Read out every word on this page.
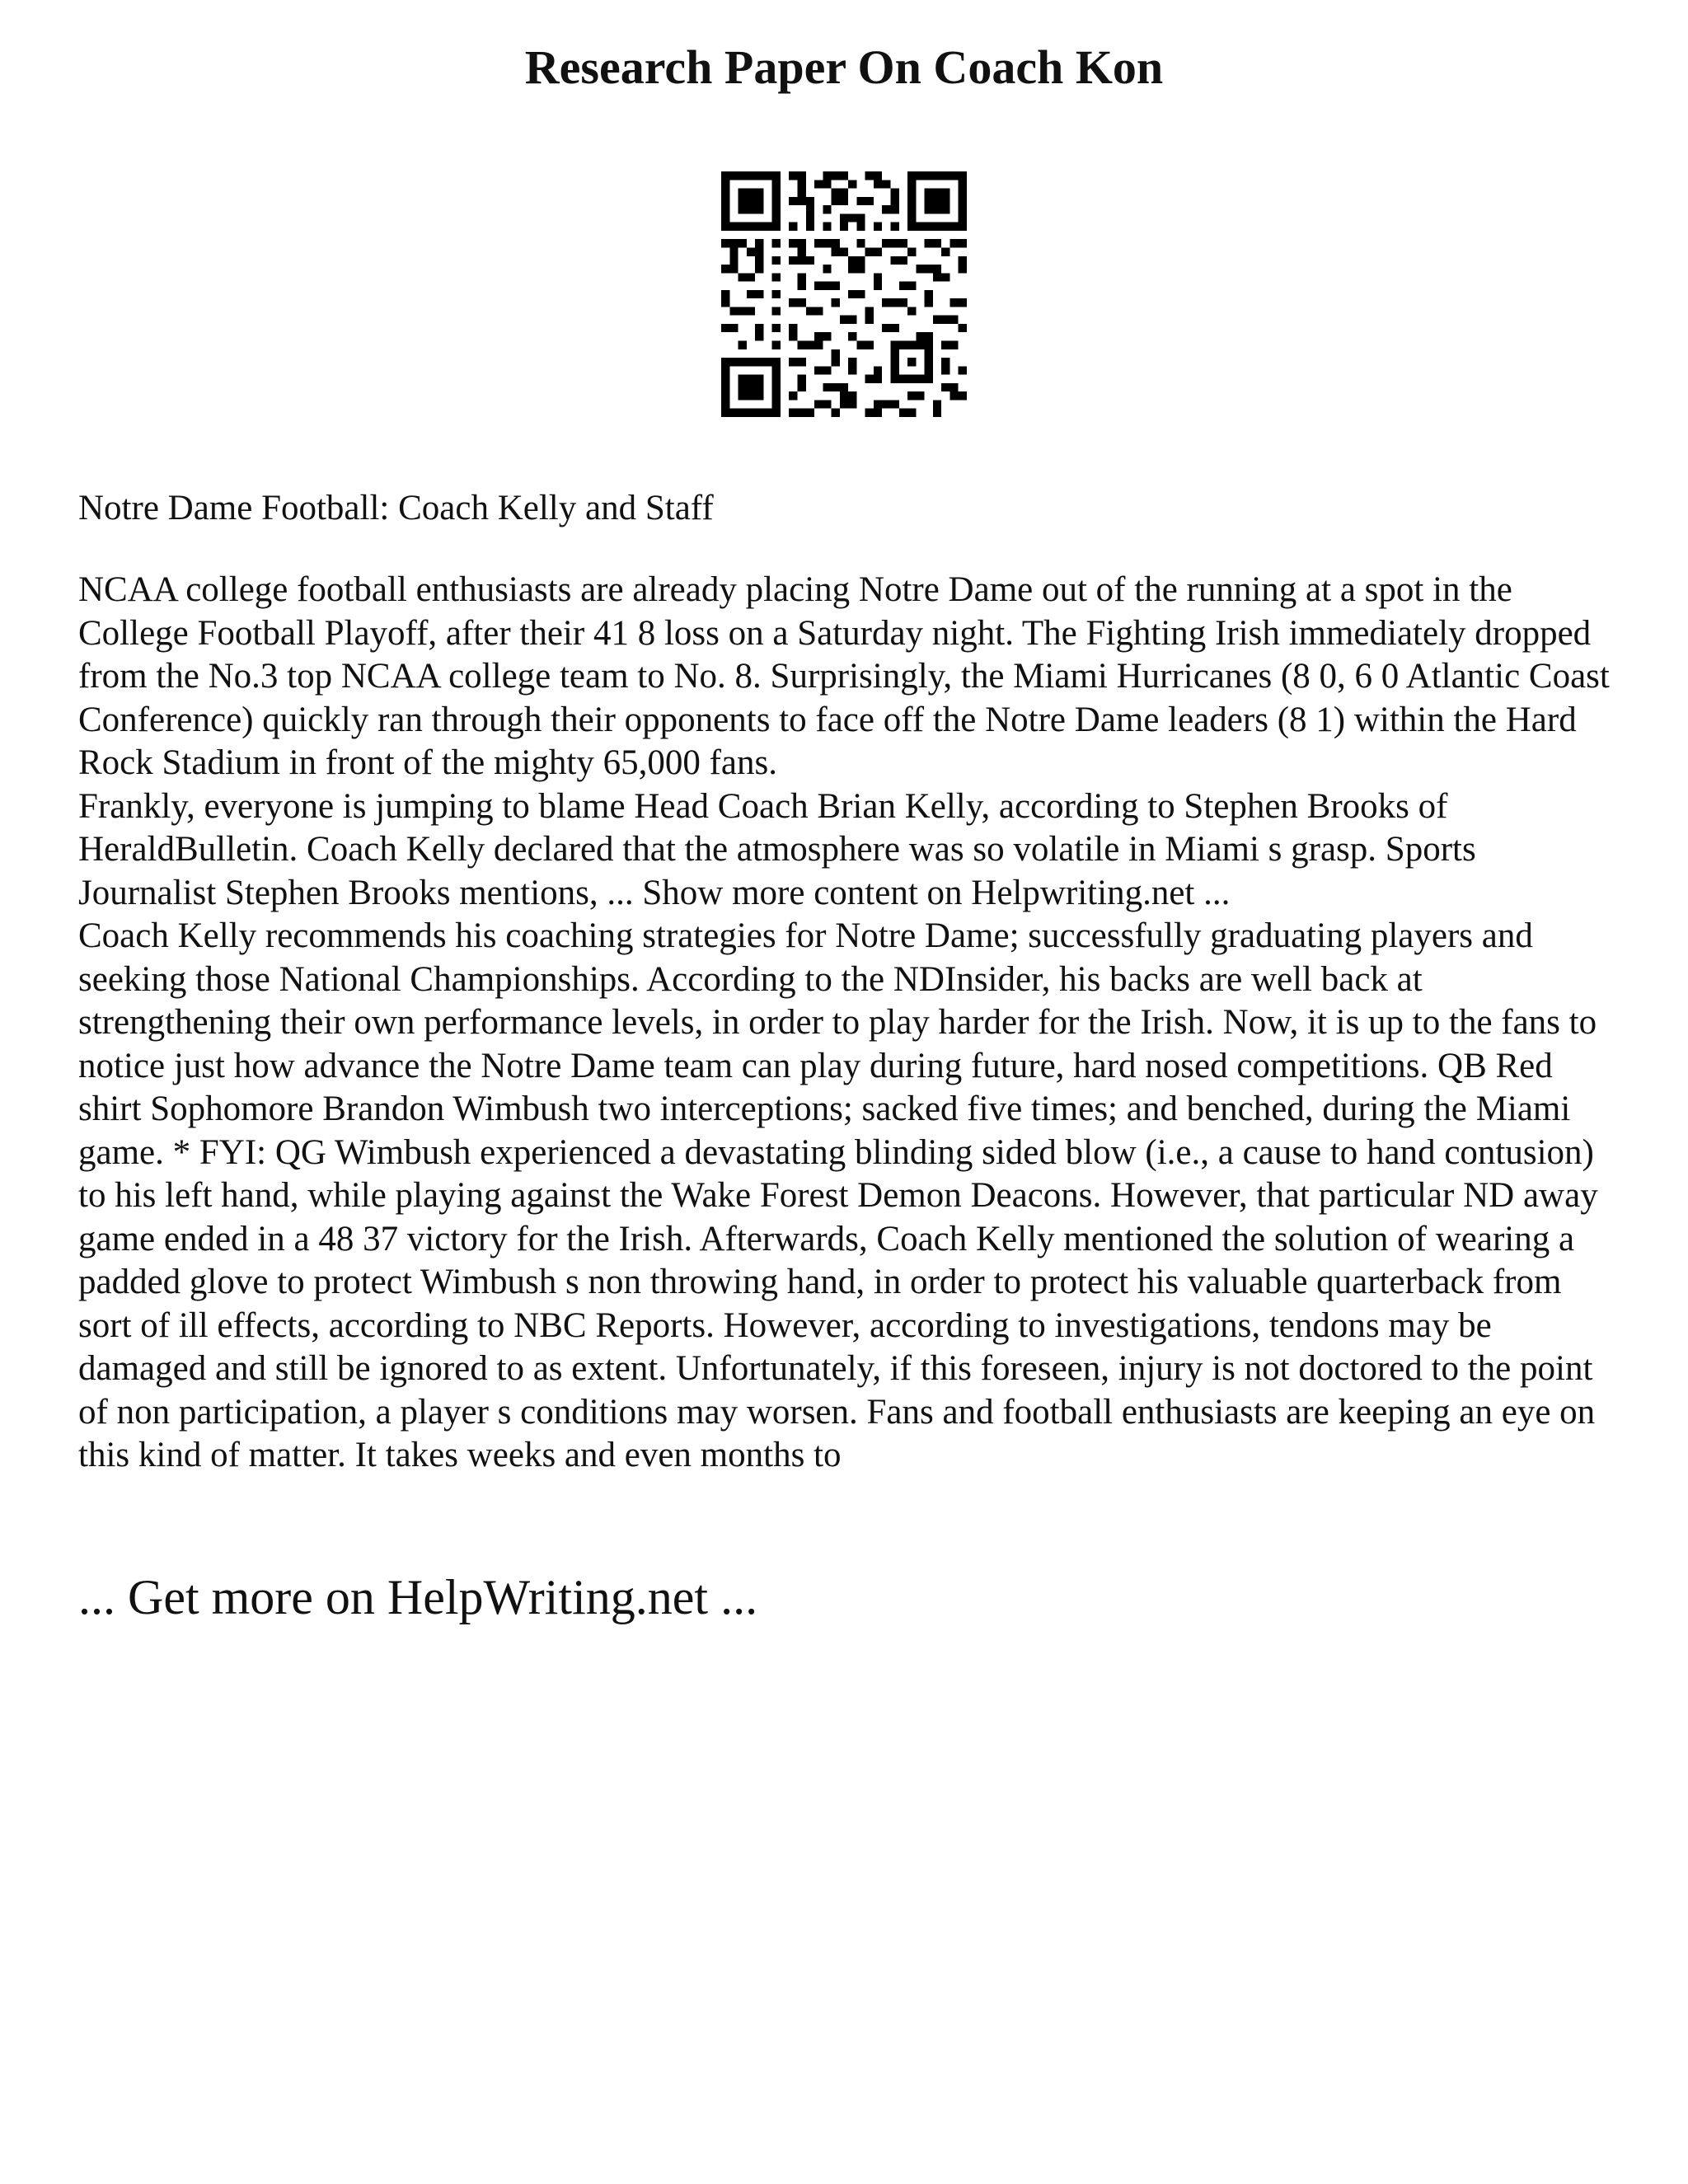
Research Paper On Coach Kon
Notre Dame Football: Coach Kelly and Staff

NCAA college football enthusiasts are already placing Notre Dame out of the running at a spot in the College Football Playoff, after their 41 8 loss on a Saturday night. The Fighting Irish immediately dropped from the No.3 top NCAA college team to No. 8. Surprisingly, the Miami Hurricanes (8 0, 6 0 Atlantic Coast Conference) quickly ran through their opponents to face off the Notre Dame leaders (8 1) within the Hard Rock Stadium in front of the mighty 65,000 fans.

Frankly, everyone is jumping to blame Head Coach Brian Kelly, according to Stephen Brooks of HeraldBulletin. Coach Kelly declared that the atmosphere was so volatile in Miami s grasp. Sports Journalist Stephen Brooks mentions, ... Show more content on Helpwriting.net ...

Coach Kelly recommends his coaching strategies for Notre Dame; successfully graduating players and seeking those National Championships. According to the NDInsider, his backs are well back at strengthening their own performance levels, in order to play harder for the Irish. Now, it is up to the fans to notice just how advance the Notre Dame team can play during future, hard nosed competitions. QB Red shirt Sophomore Brandon Wimbush two interceptions; sacked five times; and benched, during the Miami game. * FYI: QG Wimbush experienced a devastating blinding sided blow (i.e., a cause to hand contusion) to his left hand, while playing against the Wake Forest Demon Deacons. However, that particular ND away game ended in a 48 37 victory for the Irish. Afterwards, Coach Kelly mentioned the solution of wearing a padded glove to protect Wimbush s non throwing hand, in order to protect his valuable quarterback from sort of ill effects, according to NBC Reports. However, according to investigations, tendons may be damaged and still be ignored to as extent. Unfortunately, if this foreseen, injury is not doctored to the point of non participation, a player s conditions may worsen. Fans and football enthusiasts are keeping an eye on this kind of matter. It takes weeks and even months to

... Get more on HelpWriting.net ...
